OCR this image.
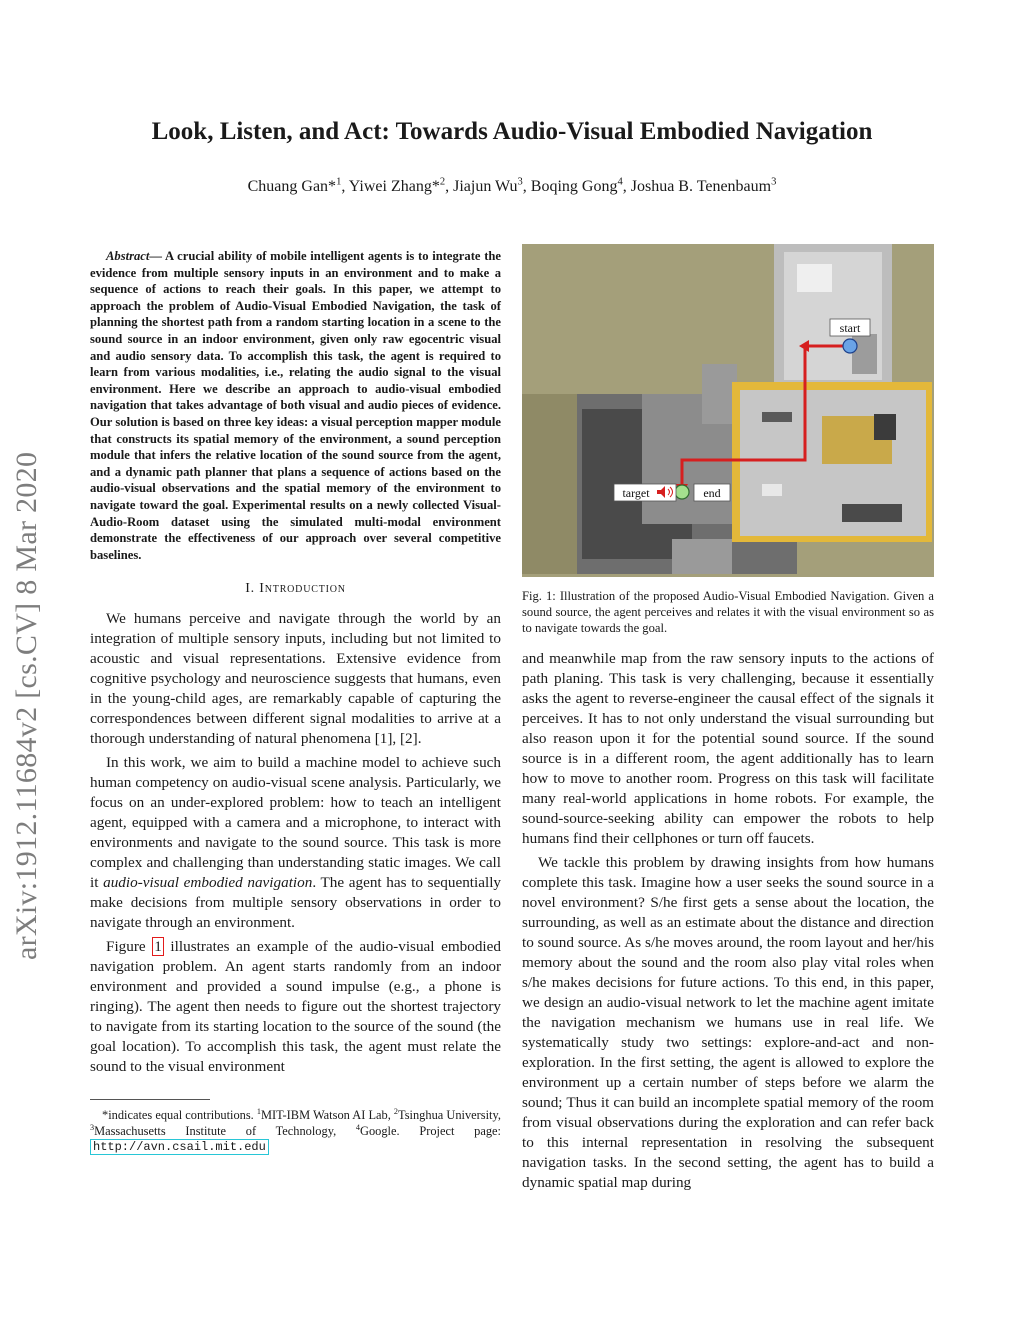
arXiv:1912.11684v2 [cs.CV] 8 Mar 2020
Look, Listen, and Act: Towards Audio-Visual Embodied Navigation

Chuang Gan*$^1$, Yiwei Zhang*$^2$, Jiajun Wu$^3$, Boqing Gong$^4$, Joshua B. Tenenbaum$^3$

Abstract— A crucial ability of mobile intelligent agents is to integrate the evidence from multiple sensory inputs in an environment and to make a sequence of actions to reach their goals. In this paper, we attempt to approach the problem of Audio-Visual Embodied Navigation, the task of planning the shortest path from a random starting location in a scene to the sound source in an indoor environment, given only raw egocentric visual and audio sensory data. To accomplish this task, the agent is required to learn from various modalities, i.e., relating the audio signal to the visual environment. Here we describe an approach to audio-visual embodied navigation that takes advantage of both visual and audio pieces of evidence. Our solution is based on three key ideas: a visual perception mapper module that constructs its spatial memory of the environment, a sound perception module that infers the relative location of the sound source from the agent, and a dynamic path planner that plans a sequence of actions based on the audio-visual observations and the spatial memory of the environment to navigate toward the goal. Experimental results on a newly collected Visual-Audio-Room dataset using the simulated multi-modal environment demonstrate the effectiveness of our approach over several competitive baselines.

I. Introduction

We humans perceive and navigate through the world by an integration of multiple sensory inputs, including but not limited to acoustic and visual representations. Extensive evidence from cognitive psychology and neuroscience suggests that humans, even in the young-child ages, are remarkably capable of capturing the correspondences between different signal modalities to arrive at a thorough understanding of natural phenomena [1], [2].

In this work, we aim to build a machine model to achieve such human competency on audio-visual scene analysis. Particularly, we focus on an under-explored problem: how to teach an intelligent agent, equipped with a camera and a microphone, to interact with environments and navigate to the sound source. This task is more complex and challenging than understanding static images. We call it audio-visual embodied navigation. The agent has to sequentially make decisions from multiple sensory observations in order to navigate through an environment.

Figure 1 illustrates an example of the audio-visual embodied navigation problem. An agent starts randomly from an indoor environment and provided a sound impulse (e.g., a phone is ringing). The agent then needs to figure out the shortest trajectory to navigate from its starting location to the source of the sound (the goal location). To accomplish this task, the agent must relate the sound to the visual environment

*indicates equal contributions. $^1$MIT-IBM Watson AI Lab, $^2$Tsinghua University, $^3$Massachusetts Institute of Technology, $^4$Google. Project page: http://avn.csail.mit.edu

start
target	end

Fig. 1: Illustration of the proposed Audio-Visual Embodied Navigation. Given a sound source, the agent perceives and relates it with the visual environment so as to navigate towards the goal.

and meanwhile map from the raw sensory inputs to the actions of path planing. This task is very challenging, because it essentially asks the agent to reverse-engineer the causal effect of the signals it perceives. It has to not only understand the visual surrounding but also reason upon it for the potential sound source. If the sound source is in a different room, the agent additionally has to learn how to move to another room. Progress on this task will facilitate many real-world applications in home robots. For example, the sound-source-seeking ability can empower the robots to help humans find their cellphones or turn off faucets.

We tackle this problem by drawing insights from how humans complete this task. Imagine how a user seeks the sound source in a novel environment? S/he first gets a sense about the location, the surrounding, as well as an estimate about the distance and direction to sound source. As s/he moves around, the room layout and her/his memory about the sound and the room also play vital roles when s/he makes decisions for future actions. To this end, in this paper, we design an audio-visual network to let the machine agent imitate the navigation mechanism we humans use in real life. We systematically study two settings: explore-and-act and non-exploration. In the first setting, the agent is allowed to explore the environment up a certain number of steps before we alarm the sound; Thus it can build an incomplete spatial memory of the room from visual observations during the exploration and can refer back to this internal representation in resolving the subsequent navigation tasks. In the second setting, the agent has to build a dynamic spatial map during
